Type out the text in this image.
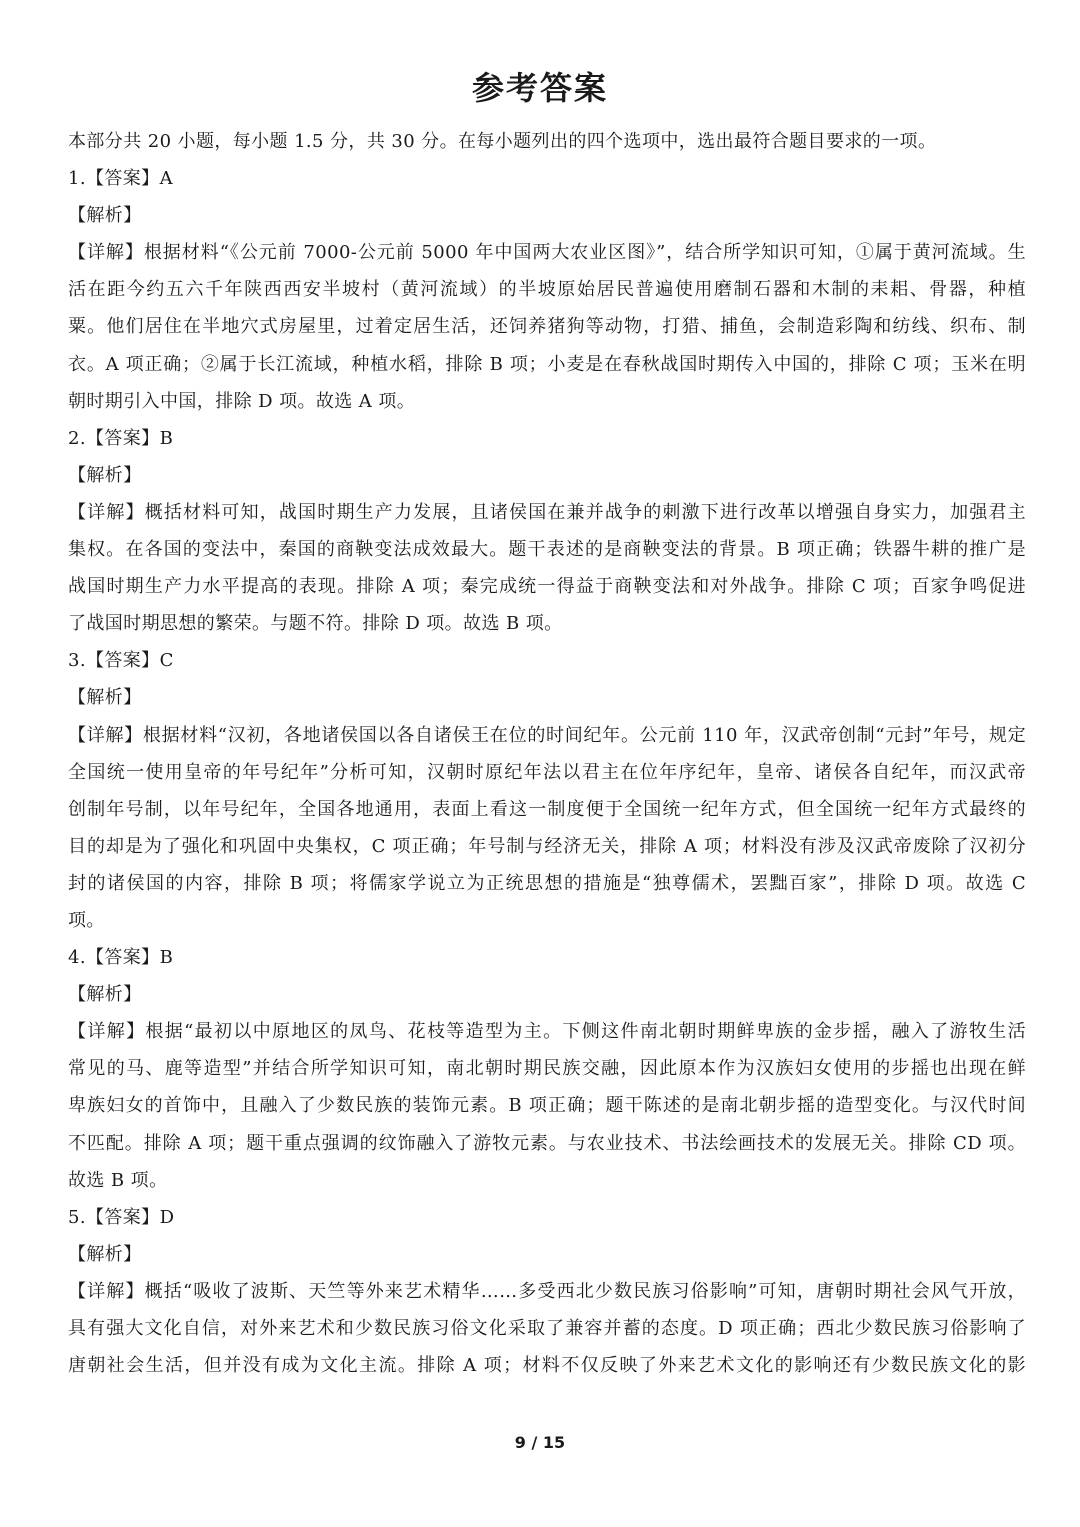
参考答案
本部分共 20 小题，每小题 1.5 分，共 30 分。在每小题列出的四个选项中，选出最符合题目要求的一项。
1.【答案】A
【解析】
【详解】根据材料“《公元前 7000-公元前 5000 年中国两大农业区图》”，结合所学知识可知，①属于黄河流域。生
活在距今约五六千年陕西西安半坡村（黄河流域）的半坡原始居民普遍使用磨制石器和木制的耒耜、骨器，种植
粟。他们居住在半地穴式房屋里，过着定居生活，还饲养猪狗等动物，打猎、捕鱼，会制造彩陶和纺线、织布、制
衣。A 项正确；②属于长江流域，种植水稻，排除 B 项；小麦是在春秋战国时期传入中国的，排除 C 项；玉米在明
朝时期引入中国，排除 D 项。故选 A 项。
2.【答案】B
【解析】
【详解】概括材料可知，战国时期生产力发展，且诸侯国在兼并战争的刺激下进行改革以增强自身实力，加强君主
集权。在各国的变法中，秦国的商鞅变法成效最大。题干表述的是商鞅变法的背景。B 项正确；铁器牛耕的推广是
战国时期生产力水平提高的表现。排除 A 项；秦完成统一得益于商鞅变法和对外战争。排除 C 项；百家争鸣促进
了战国时期思想的繁荣。与题不符。排除 D 项。故选 B 项。
3.【答案】C
【解析】
【详解】根据材料“汉初，各地诸侯国以各自诸侯王在位的时间纪年。公元前 110 年，汉武帝创制“元封”年号，规定
全国统一使用皇帝的年号纪年”分析可知，汉朝时原纪年法以君主在位年序纪年，皇帝、诸侯各自纪年，而汉武帝
创制年号制，以年号纪年，全国各地通用，表面上看这一制度便于全国统一纪年方式，但全国统一纪年方式最终的
目的却是为了强化和巩固中央集权，C 项正确；年号制与经济无关，排除 A 项；材料没有涉及汉武帝废除了汉初分
封的诸侯国的内容，排除 B 项；将儒家学说立为正统思想的措施是“独尊儒术，罢黜百家”，排除 D 项。故选 C
项。
4.【答案】B
【解析】
【详解】根据“最初以中原地区的凤鸟、花枝等造型为主。下侧这件南北朝时期鲜卑族的金步摇，融入了游牧生活
常见的马、鹿等造型”并结合所学知识可知，南北朝时期民族交融，因此原本作为汉族妇女使用的步摇也出现在鲜
卑族妇女的首饰中，且融入了少数民族的装饰元素。B 项正确；题干陈述的是南北朝步摇的造型变化。与汉代时间
不匹配。排除 A 项；题干重点强调的纹饰融入了游牧元素。与农业技术、书法绘画技术的发展无关。排除 CD 项。
故选 B 项。
5.【答案】D
【解析】
【详解】概括“吸收了波斯、天竺等外来艺术精华……多受西北少数民族习俗影响”可知，唐朝时期社会风气开放，
具有强大文化自信，对外来艺术和少数民族习俗文化采取了兼容并蓄的态度。D 项正确；西北少数民族习俗影响了
唐朝社会生活，但并没有成为文化主流。排除 A 项；材料不仅反映了外来艺术文化的影响还有少数民族文化的影
9 / 15
